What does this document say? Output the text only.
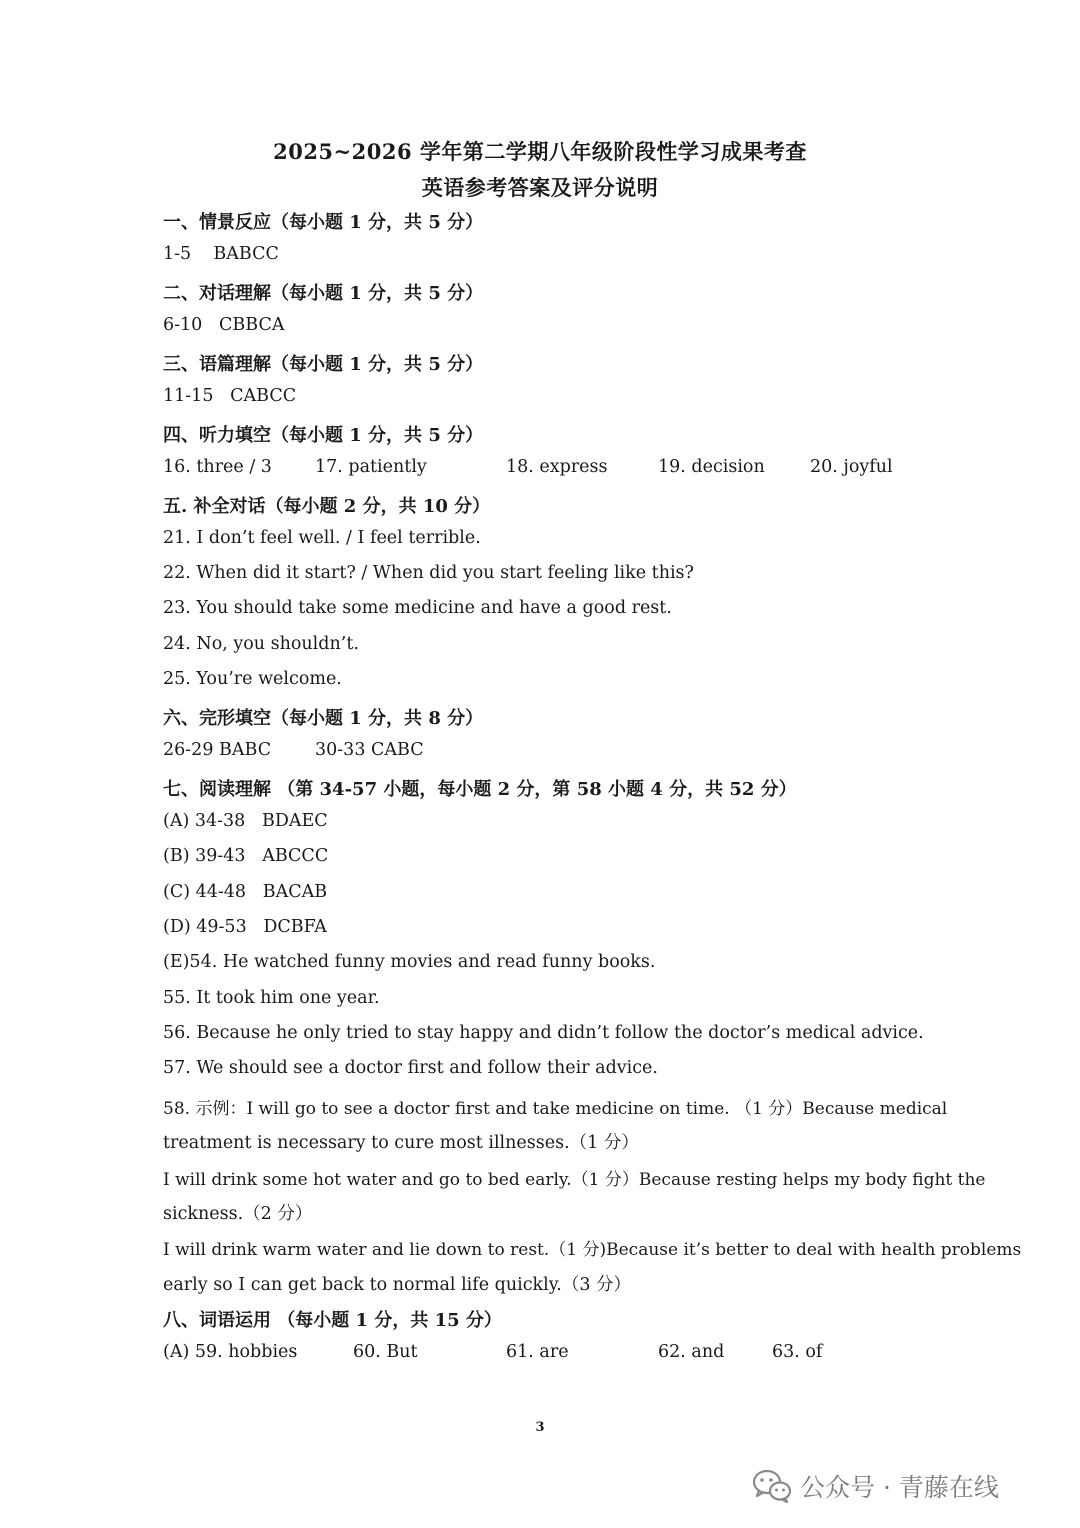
2025~2026 学年第二学期八年级阶段性学习成果考查
英语参考答案及评分说明
一、情景反应（每小题 1 分，共 5 分）
1-5    BABCC
二、对话理解（每小题 1 分，共 5 分）
6-10   CBBCA
三、语篇理解（每小题 1 分，共 5 分）
11-15   CABCC
四、听力填空（每小题 1 分，共 5 分）
16. three / 3 17. patiently	18. express	19. decision	20. joyful
五. 补全对话（每小题 2 分，共 10 分）
21. I don’t feel well. / I feel terrible.
22. When did it start? / When did you start feeling like this?
23. You should take some medicine and have a good rest.
24. No, you shouldn’t.
25. You’re welcome.
六、完形填空（每小题 1 分，共 8 分）
26-29 BABC	30-33 CABC
七、阅读理解 （第 34-57 小题，每小题 2 分，第 58 小题 4 分，共 52 分）
(A) 34-38   BDAEC
(B) 39-43   ABCCC
(C) 44-48   BACAB
(D) 49-53   DCBFA
(E)54. He watched funny movies and read funny books.
55. It took him one year.
56. Because he only tried to stay happy and didn’t follow the doctor’s medical advice.
57. We should see a doctor first and follow their advice.
58. 示例：I will go to see a doctor first and take medicine on time. （1 分）Because medical
treatment is necessary to cure most illnesses.（1 分）
I will drink some hot water and go to bed early.（1 分）Because resting helps my body fight the
sickness.（2 分）
I will drink warm water and lie down to rest.（1 分)Because it’s better to deal with health problems
early so I can get back to normal life quickly.（3 分）
八、词语运用 （每小题 1 分，共 15 分）
(A) 59. hobbies	60. But	61. are	62. and	63. of
3
公众号 · 青藤在线
